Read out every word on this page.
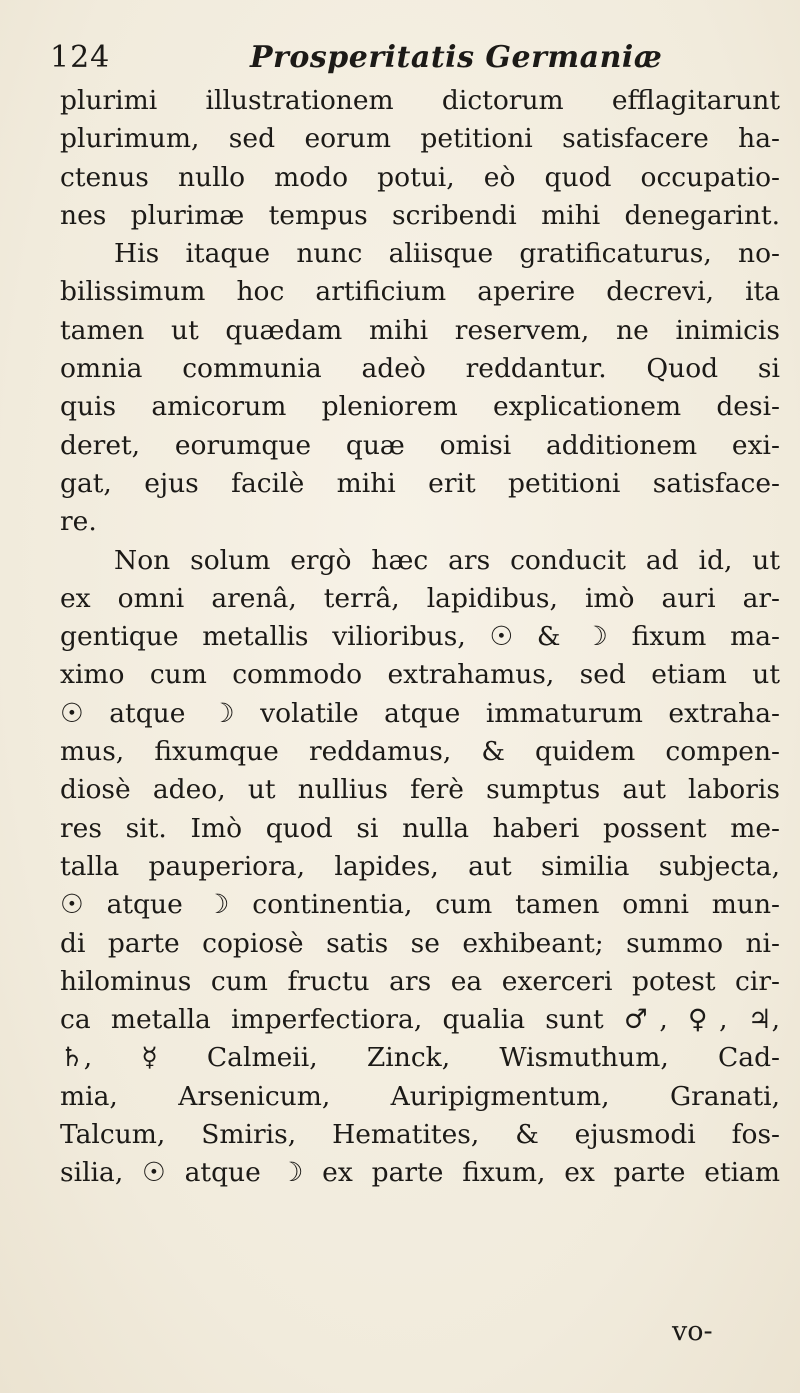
124	Prosperitatis Germaniæ
plurimi illustrationem dictorum efflagitarunt
plurimum, sed eorum petitioni satisfacere ha-
ctenus nullo modo potui, eò quod occupatio-
nes plurimæ tempus scribendi mihi denegarint.
His itaque nunc aliisque gratificaturus, no-
bilissimum hoc artificium aperire decrevi, ita
tamen ut quædam mihi reservem, ne inimicis
omnia communia adeò reddantur. Quod si
quis amicorum pleniorem explicationem desi-
deret, eorumque quæ omisi additionem exi-
gat, ejus facilè mihi erit petitioni satisface-
re.
Non solum ergò hæc ars conducit ad id, ut
ex omni arenâ, terrâ, lapidibus, imò auri ar-
gentique metallis vilioribus, ☉ & ☽ fixum ma-
ximo cum commodo extrahamus, sed etiam ut
☉ atque ☽ volatile atque immaturum extraha-
mus, fixumque reddamus, & quidem compen-
diosè adeo, ut nullius ferè sumptus aut laboris
res sit. Imò quod si nulla haberi possent me-
talla pauperiora, lapides, aut similia subjecta,
☉ atque ☽ continentia, cum tamen omni mun-
di parte copiosè satis se exhibeant; summo ni-
hilominus cum fructu ars ea exerceri potest cir-
ca metalla imperfectiora, qualia sunt ♂, ♀, ♃,
♄, ☿ Calmeii, Zinck, Wismuthum, Cad-
mia, Arsenicum, Auripigmentum, Granati,
Talcum, Smiris, Hematites, & ejusmodi fos-
silia, ☉ atque ☽ ex parte fixum, ex parte etiam
vo-
